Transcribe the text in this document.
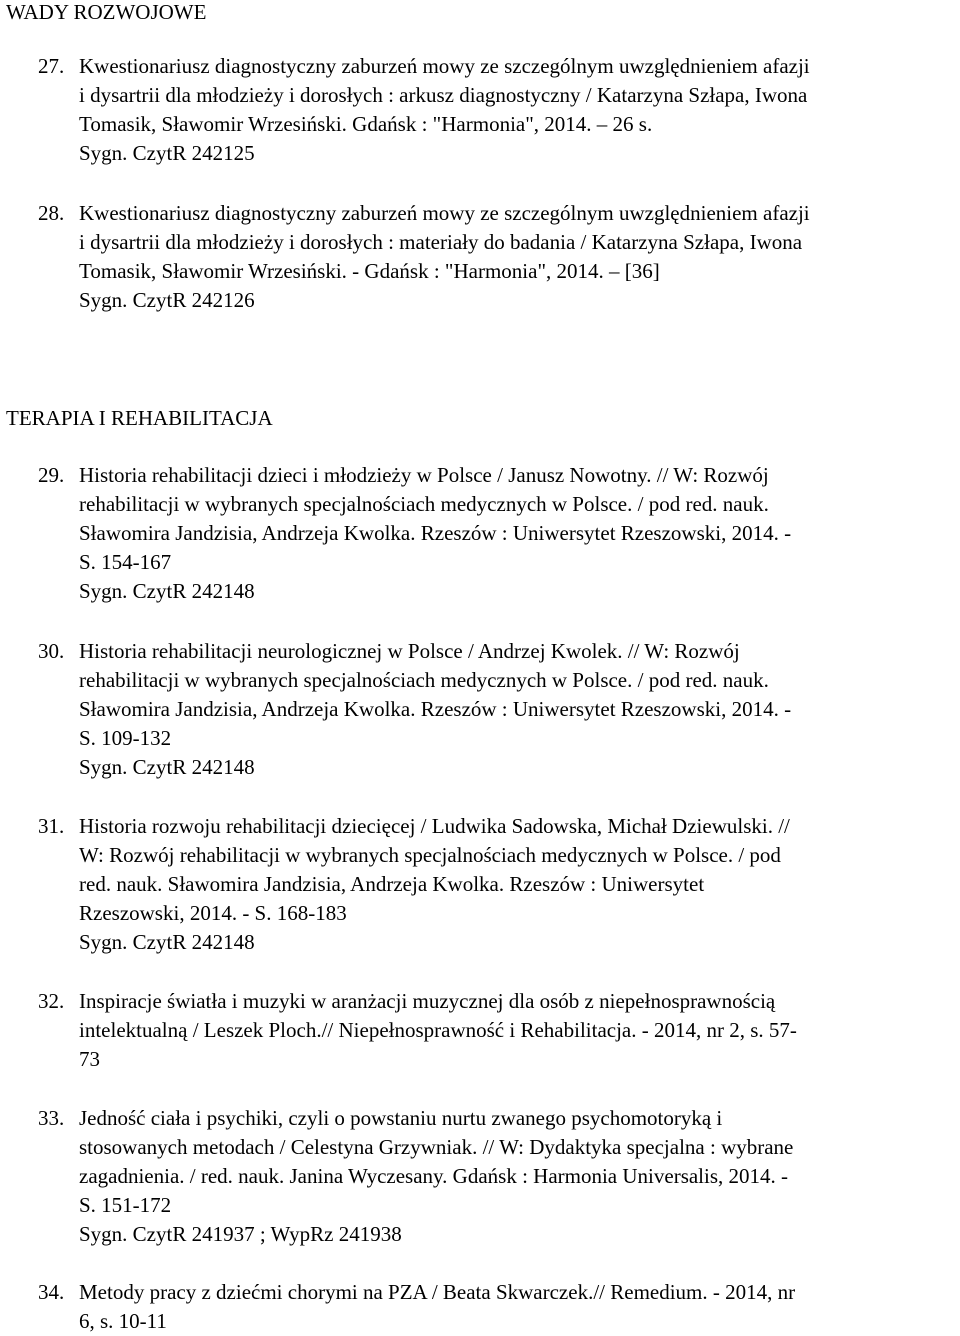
WADY ROZWOJOWE
27. Kwestionariusz diagnostyczny zaburzeń mowy ze szczególnym uwzględnieniem afazji
i dysartrii dla młodzieży i dorosłych : arkusz diagnostyczny / Katarzyna Szłapa, Iwona
Tomasik, Sławomir Wrzesiński. Gdańsk : "Harmonia", 2014. – 26 s.
Sygn. CzytR 242125
28. Kwestionariusz diagnostyczny zaburzeń mowy ze szczególnym uwzględnieniem afazji
i dysartrii dla młodzieży i dorosłych : materiały do badania / Katarzyna Szłapa, Iwona
Tomasik, Sławomir Wrzesiński. - Gdańsk : "Harmonia", 2014. – [36]
Sygn. CzytR 242126
TERAPIA I REHABILITACJA
29. Historia rehabilitacji dzieci i młodzieży w Polsce / Janusz Nowotny. // W: Rozwój
rehabilitacji w wybranych specjalnościach medycznych w Polsce. / pod red. nauk.
Sławomira Jandzisia, Andrzeja Kwolka. Rzeszów : Uniwersytet Rzeszowski, 2014. -
S. 154-167
Sygn. CzytR 242148
30. Historia rehabilitacji neurologicznej w Polsce / Andrzej Kwolek. // W: Rozwój
rehabilitacji w wybranych specjalnościach medycznych w Polsce. / pod red. nauk.
Sławomira Jandzisia, Andrzeja Kwolka. Rzeszów : Uniwersytet Rzeszowski, 2014. -
S. 109-132
Sygn. CzytR 242148
31. Historia rozwoju rehabilitacji dziecięcej / Ludwika Sadowska, Michał Dziewulski. //
W: Rozwój rehabilitacji w wybranych specjalnościach medycznych w Polsce. / pod
red. nauk. Sławomira Jandzisia, Andrzeja Kwolka. Rzeszów : Uniwersytet
Rzeszowski, 2014. - S. 168-183
Sygn. CzytR 242148
32. Inspiracje światła i muzyki w aranżacji muzycznej dla osób z niepełnosprawnością
intelektualną / Leszek Ploch.// Niepełnosprawność i Rehabilitacja. - 2014, nr 2, s. 57-
73
33. Jedność ciała i psychiki, czyli o powstaniu nurtu zwanego psychomotoryką i
stosowanych metodach / Celestyna Grzywniak. // W: Dydaktyka specjalna : wybrane
zagadnienia. / red. nauk. Janina Wyczesany. Gdańsk : Harmonia Universalis, 2014. -
S. 151-172
Sygn. CzytR 241937 ; WypRz 241938
34. Metody pracy z dziećmi chorymi na PZA / Beata Skwarczek.// Remedium. - 2014, nr
6, s. 10-11
